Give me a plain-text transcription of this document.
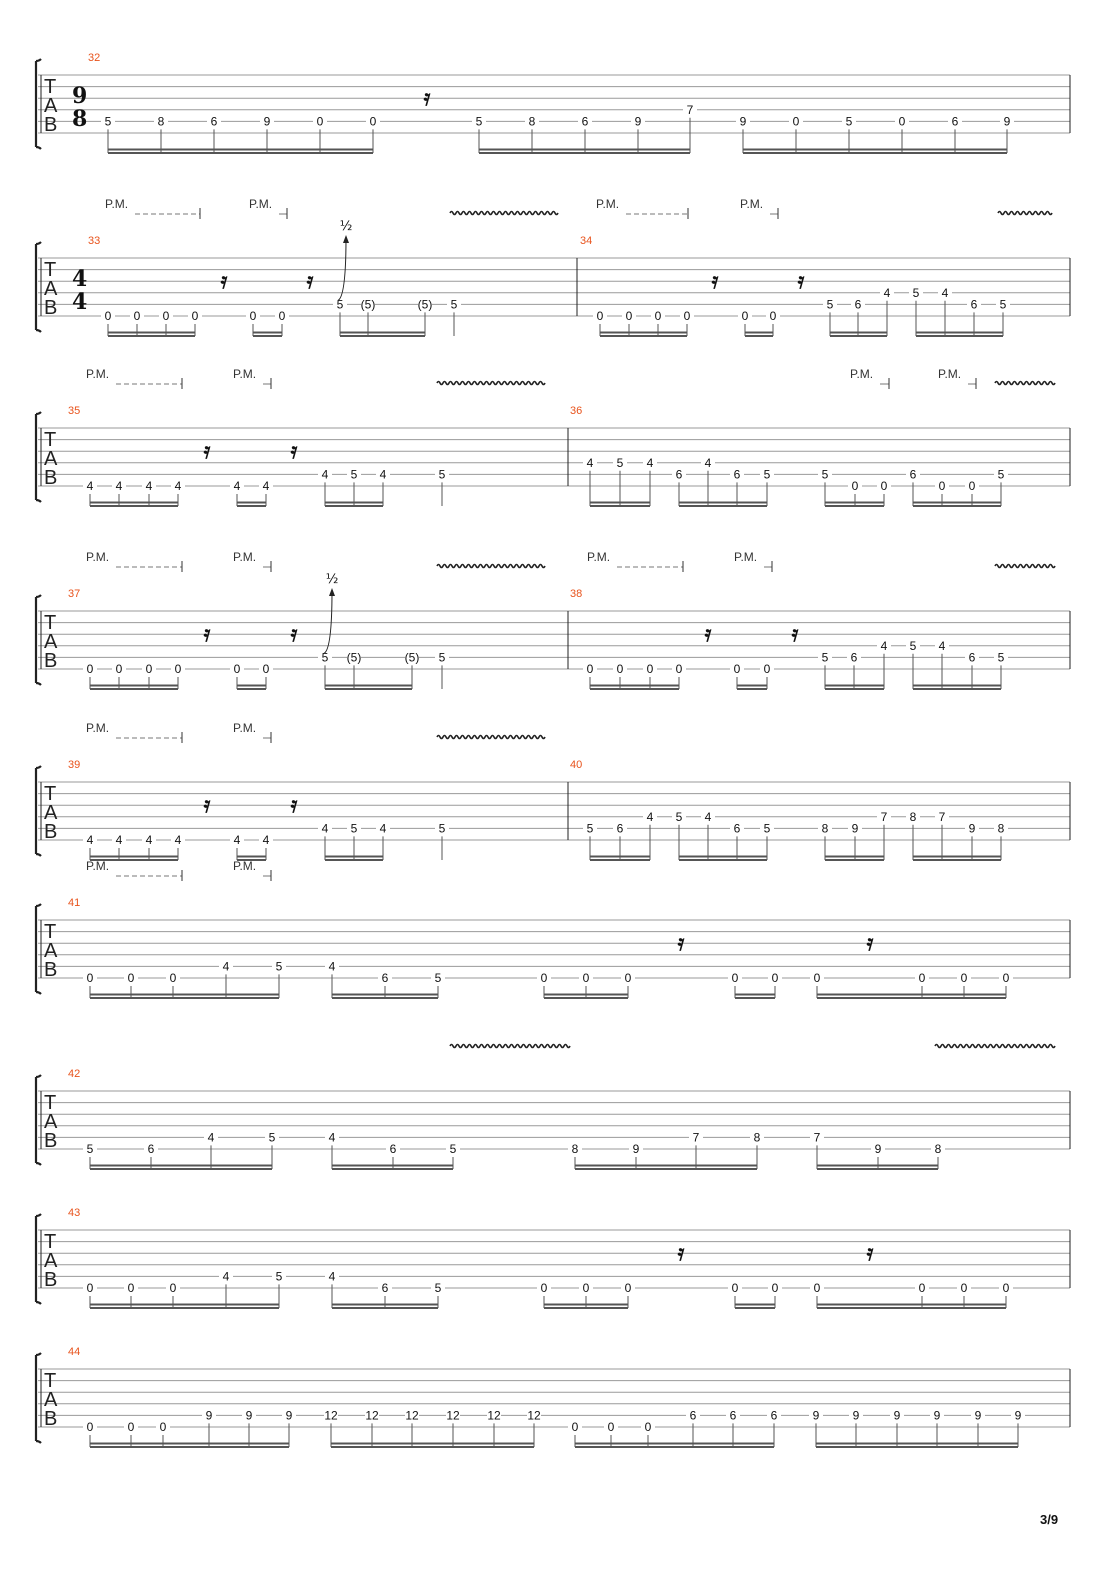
T
A
B
9
8
32
5	8	6	9	0	0	5	8	6	9
7
9	0	5	0	6	9
𝄿
T
A
B
4
4
33	34
0 0 0 0	0 0
5 (5)	(5) 5
0 0 0 0	0 0
5 6
4 5 4
6 5
𝄿	𝄿	𝄿	𝄿
P.M.	P.M.	P.M.	P.M.
½
T
A
B
35	36
4 4 4 4	4 4
4 5 4	5
4 5 4
6
4
6 5	5
0 0
6
0 0
5
𝄿	𝄿
P.M.	P.M.	P.M.	P.M.
T
A
B
37	38
0 0 0 0	0 0
5 (5)	(5) 5
0 0 0 0	0 0
5 6
4 5 4
6 5
𝄿	𝄿	𝄿	𝄿
P.M.	P.M.	P.M.	P.M.
½
T
A
B
39	40
4 4 4 4	4 4
4 5 4	5	5 6
4 5 4
6 5	8 9
7 8 7
9 8
𝄿	𝄿
P.M.	P.M.
T
A
B
41
0	0	0
4	5	4
6	5	0	0	0	0	0	0	0	0	0
𝄿	𝄿
P.M.	P.M.
T
A
B
42
5	6
4	5	4
6	5	8	9
7	8	7
9	8
T
A
B
43
0	0	0
4	5	4
6	5	0	0	0	0	0	0	0	0	0
𝄿	𝄿
T
A
B
44
0	0 0
9	9	9	12 12 12 12 12 12
0 0	0
6	6	6	9	9	9	9	9	9
3/9
